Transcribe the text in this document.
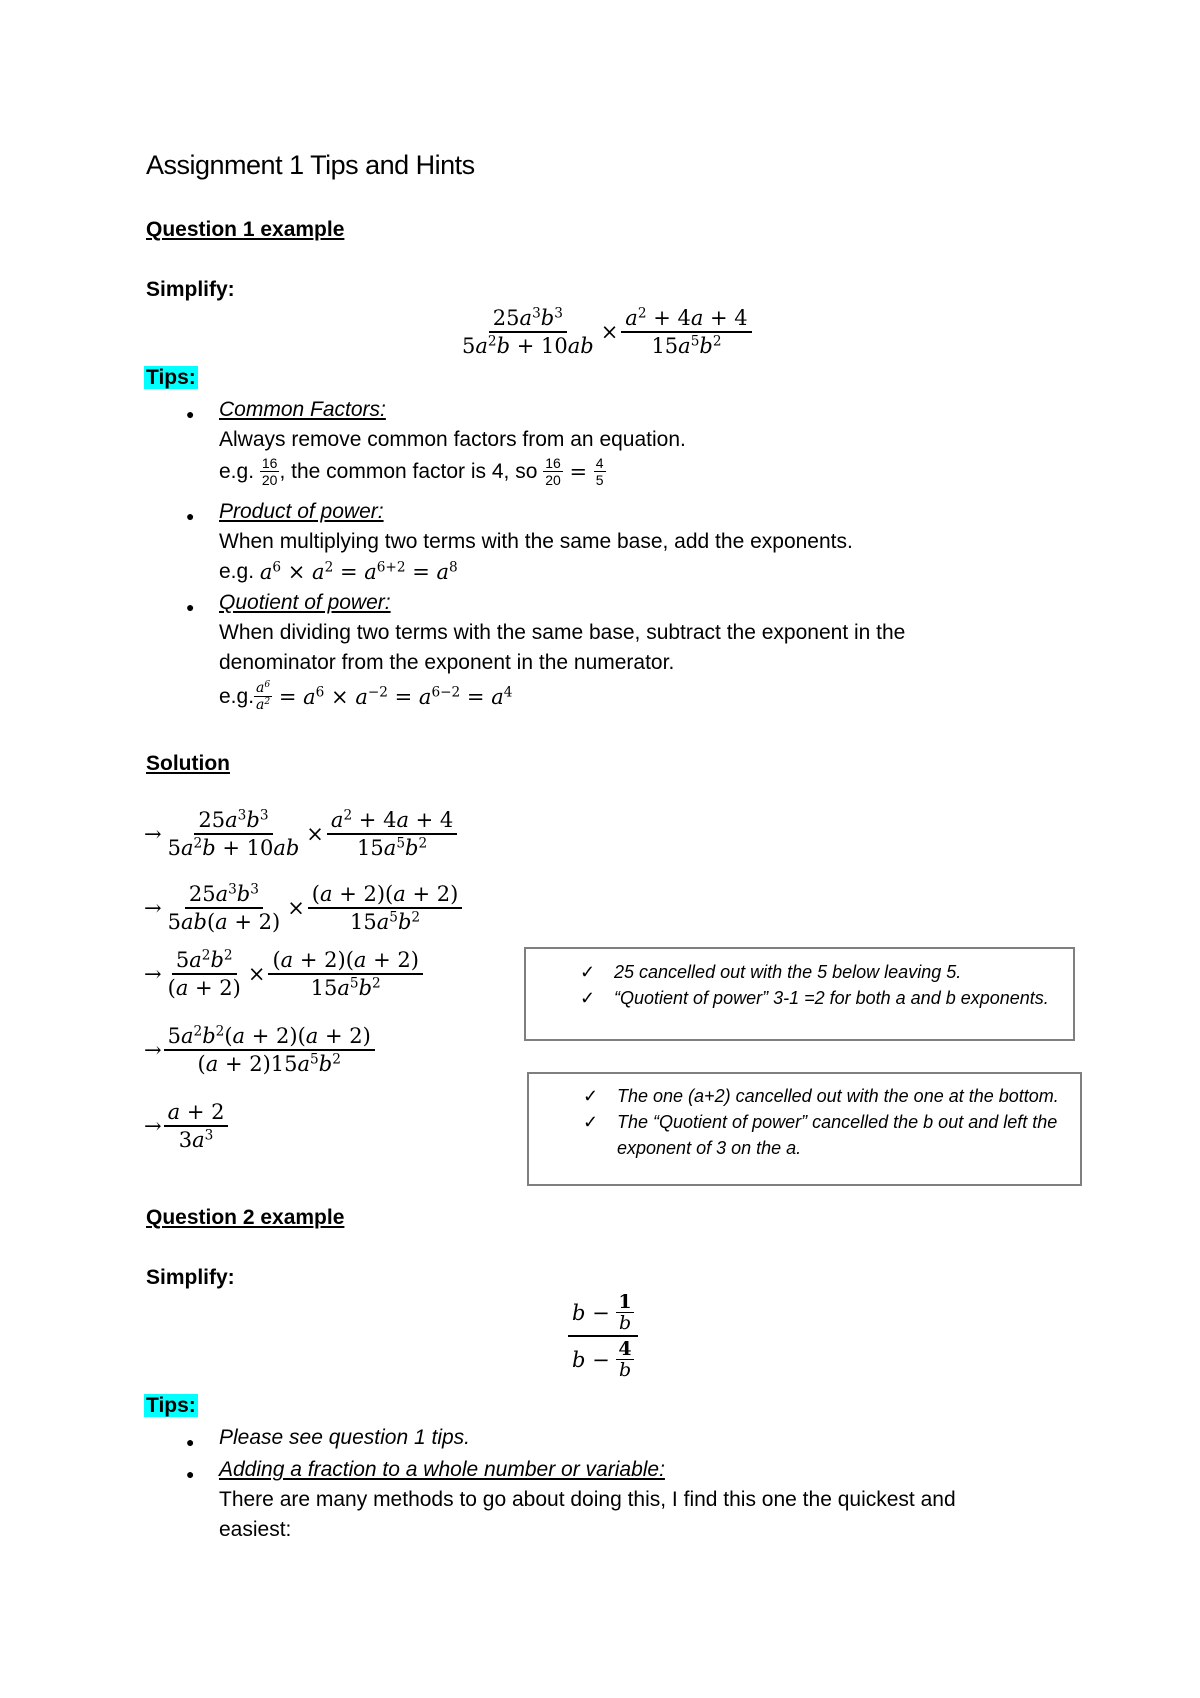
Assignment 1 Tips and Hints
Question 1 example
Simplify:
$\frac{25a^3b^3}{5a^2b + 10ab} \times \frac{a^2 + 4a + 4}{15a^5b^2}$
Tips:
● Common Factors:
Always remove common factors from an equation.
e.g.
$\frac{16}{20}$ , the common factor is 4, so
$\frac{16}{20} = \frac{4}{5}$
● Product of power:
When multiplying two terms with the same base, add the exponents.
e.g.
$a^6 \times a^2 = a^{6+2} = a^8$
● Quotient of power:
When dividing two terms with the same base, subtract the exponent in the
denominator from the exponent in the numerator.
e.g. $\frac{a^6}{a^2} = a^6 \times a^{-2} = a^{6-2} = a^4$
Solution
→ $\frac{25a^3b^3}{5a^2b + 10ab} \times \frac{a^2 + 4a + 4}{15a^5b^2}$
→ $\frac{25a^3b^3}{5ab(a + 2)} \times \frac{(a + 2)(a + 2)}{15a^5b^2}$
→ $\frac{5a^2b^2}{(a + 2)} \times \frac{(a + 2)(a + 2)}{15a^5b^2}$
→ $\frac{5a^2b^2(a + 2)(a + 2)}{(a + 2)15a^5b^2}$
→ $\frac{a + 2}{3a^3}$
✓ 25 cancelled out with the 5 below leaving 5.
✓ “Quotient of power” 3-1 =2 for both a and b exponents.
✓ The one (a+2) cancelled out with the one at the bottom.
✓ The “Quotient of power” cancelled the b out and left the exponent of 3 on the a.
Question 2 example
Simplify:
$\frac{b - \frac{1}{b}}{b - \frac{4}{b}}$
Tips:
● Please see question 1 tips.
● Adding a fraction to a whole number or variable:
There are many methods to go about doing this, I find this one the quickest and
easiest:
